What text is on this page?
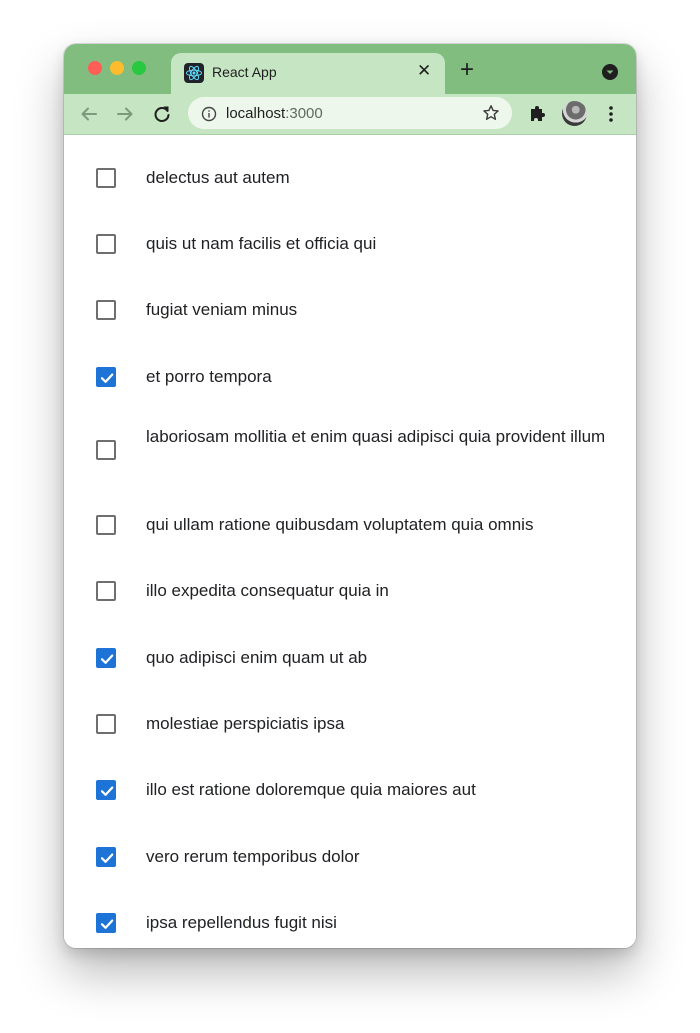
React App	✕ +
localhost:3000
delectus aut autem
quis ut nam facilis et officia qui
fugiat veniam minus
et porro tempora
laboriosam mollitia et enim quasi adipisci quia provident illum
qui ullam ratione quibusdam voluptatem quia omnis
illo expedita consequatur quia in
quo adipisci enim quam ut ab
molestiae perspiciatis ipsa
illo est ratione doloremque quia maiores aut
vero rerum temporibus dolor
ipsa repellendus fugit nisi
